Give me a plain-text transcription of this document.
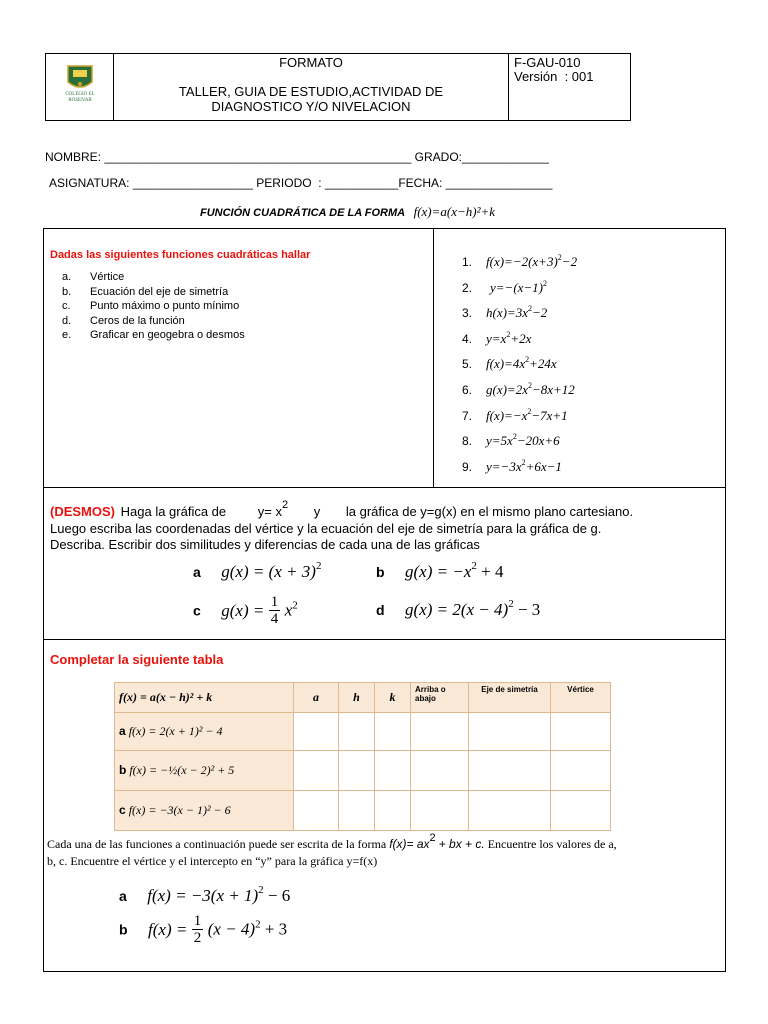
COLEGIO EL ROSENAR
FORMATO
TALLER, GUIA DE ESTUDIO,ACTIVIDAD DE
DIAGNOSTICO Y/O NIVELACION
F-GAU-010
Versión  : 001
NOMBRE: ______________________________________________ GRADO:_____________
ASIGNATURA: __________________ PERIODO  : ___________FECHA: ________________
FUNCIÓN CUADRÁTICA DE LA FORMA f(x)=a(x−h)²+k
Dadas las siguientes funciones cuadráticas hallar
a. Vértice
b. Ecuación del eje de simetría
c. Punto máximo o punto mínimo
d. Ceros de la función
e. Graficar en geogebra o desmos
1. $f(x)=-2(x+3)^2-2$
2. $y=-(x-1)^2$
3. $h(x)=3x^2-2$
4. $y=x^2+2x$
5. $f(x)=4x^2+24x$
6. $g(x)=2x^2-8x+12$
7. $f(x)=-x^2-7x+1$
8. $y=5x^2-20x+6$
9. $y=-3x^2+6x-1$
(DESMOS) Haga la gráfica de $y= x^2$ y la gráfica de y=g(x) en el mismo plano cartesiano.
Luego escriba las coordenadas del vértice y la ecuación del eje de simetría para la gráfica de g.
Describa. Escribir dos similitudes y diferencias de cada una de las gráficas
a $g(x) = (x + 3)^2$	b $g(x) = -x^2 + 4$
c $g(x) = \frac{1}{4} x^2$	d $g(x) = 2(x - 4)^2 - 3$
Completar la siguiente tabla
f(x) = a(x − h)² + k	a	h	k	Arriba o abajo	Eje de simetría	Vértice
a f(x) = 2(x + 1)² − 4						
b f(x) = −½(x − 2)² + 5						
c f(x) = −3(x − 1)² − 6						
Cada una de las funciones a continuación puede ser escrita de la forma $f(x)= ax^2$ + bx + c. Encuentre los valores de a,
b, c. Encuentre el vértice y el intercepto en “y” para la gráfica y=f(x)
a $f(x) = -3(x + 1)^2 - 6$
b $f(x) = \frac{1}{2} (x - 4)^2 + 3$
